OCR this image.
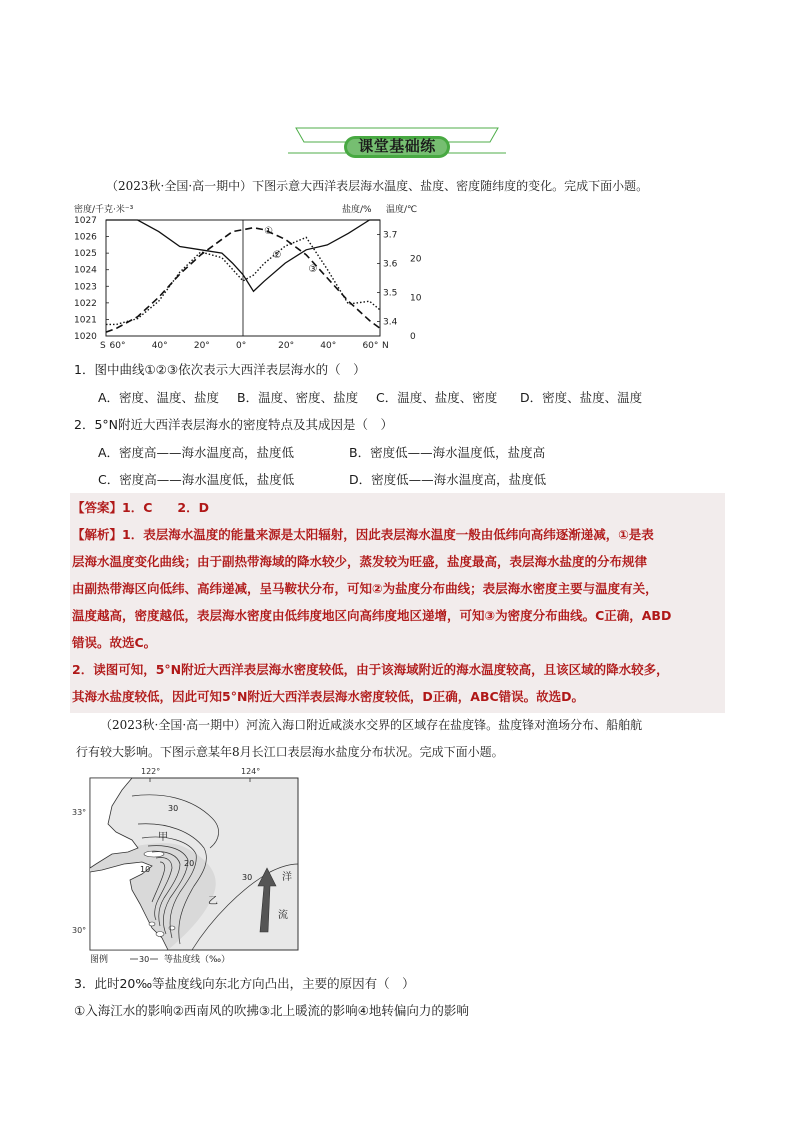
课堂基础练
（2023秋·全国·高一期中）下图示意大西洋表层海水温度、盐度、密度随纬度的变化。完成下面小题。
密度/千克·米⁻³	盐度/% 温度/℃
1027
1026
1025
1024
1023
1022
1021
1020
3.7
3.6
3.5
3.4
20
10
0
S 60°	40°	20°	0°	20°	40°	60° N
①
②
③
1．图中曲线①②③依次表示大西洋表层海水的（　）
A．密度、温度、盐度 B．温度、密度、盐度 C．温度、盐度、密度 D．密度、盐度、温度
2．5°N附近大西洋表层海水的密度特点及其成因是（　）
A．密度高——海水温度高，盐度低	B．密度低——海水温度低，盐度高
C．密度高——海水温度低，盐度低	D．密度低——海水温度高，盐度低
【答案】1．C　　2．D
【解析】1．表层海水温度的能量来源是太阳辐射，因此表层海水温度一般由低纬向高纬逐渐递减，①是表
层海水温度变化曲线；由于副热带海域的降水较少，蒸发较为旺盛，盐度最高，表层海水盐度的分布规律
由副热带海区向低纬、高纬递减，呈马鞍状分布，可知②为盐度分布曲线；表层海水密度主要与温度有关，
温度越高，密度越低，表层海水密度由低纬度地区向高纬度地区递增，可知③为密度分布曲线。C正确，ABD
错误。故选C。
2．读图可知，5°N附近大西洋表层海水密度较低，由于该海域附近的海水温度较高，且该区域的降水较多，
其海水盐度较低，因此可知5°N附近大西洋表层海水密度较低，D正确，ABC错误。故选D。
（2023秋·全国·高一期中）河流入海口附近咸淡水交界的区域存在盐度锋。盐度锋对渔场分布、船舶航
行有较大影响。下图示意某年8月长江口表层海水盐度分布状况。完成下面小题。
122°	124°
33°
30°
30
20
10
30
甲
乙
洋
流
图例	30 等盐度线（‰）
3．此时20‰等盐度线向东北方向凸出，主要的原因有（　）
①入海江水的影响②西南风的吹拂③北上暖流的影响④地转偏向力的影响
